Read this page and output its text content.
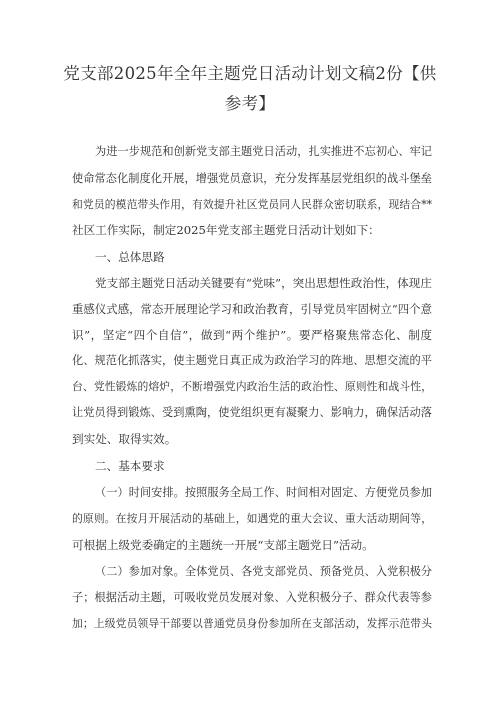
党支部2025年全年主题党日活动计划文稿2份【供
参考】
为进一步规范和创新党支部主题党日活动，扎实推进不忘初心、牢记
使命常态化制度化开展，增强党员意识，充分发挥基层党组织的战斗堡垒
和党员的模范带头作用，有效提升社区党员同人民群众密切联系，现结合**
社区工作实际，制定2025年党支部主题党日活动计划如下：
一、总体思路
党支部主题党日活动关键要有“党味”，突出思想性政治性，体现庄
重感仪式感，常态开展理论学习和政治教育，引导党员牢固树立“四个意
识”，坚定“四个自信”，做到“两个维护”。要严格聚焦常态化、制度
化、规范化抓落实，使主题党日真正成为政治学习的阵地、思想交流的平
台、党性锻炼的熔炉，不断增强党内政治生活的政治性、原则性和战斗性，
让党员得到锻炼、受到熏陶，使党组织更有凝聚力、影响力，确保活动落
到实处、取得实效。
二、基本要求
（一）时间安排。按照服务全局工作、时间相对固定、方便党员参加
的原则。在按月开展活动的基础上，如遇党的重大会议、重大活动期间等，
可根据上级党委确定的主题统一开展“支部主题党日”活动。
（二）参加对象。全体党员、各党支部党员、预备党员、入党积极分
子；根据活动主题，可吸收党员发展对象、入党积极分子、群众代表等参
加；上级党员领导干部要以普通党员身份参加所在支部活动，发挥示范带头
